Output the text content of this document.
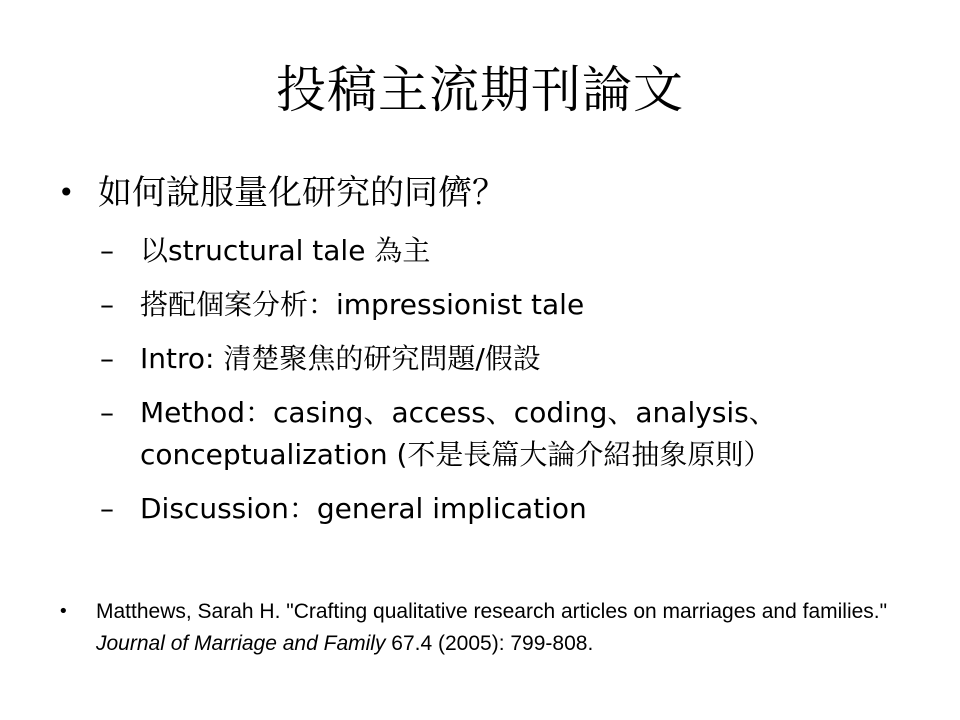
投稿主流期刊論文
• 如何說服量化研究的同儕？
– 以structural tale 為主
– 搭配個案分析：impressionist tale
– Intro: 清楚聚焦的研究問題/假設
– Method：casing、access、coding、analysis、
conceptualization (不是長篇大論介紹抽象原則）
– Discussion：general implication
•	Matthews, Sarah H. "Crafting qualitative research articles on marriages and families." Journal of Marriage and Family 67.4 (2005): 799-808.
